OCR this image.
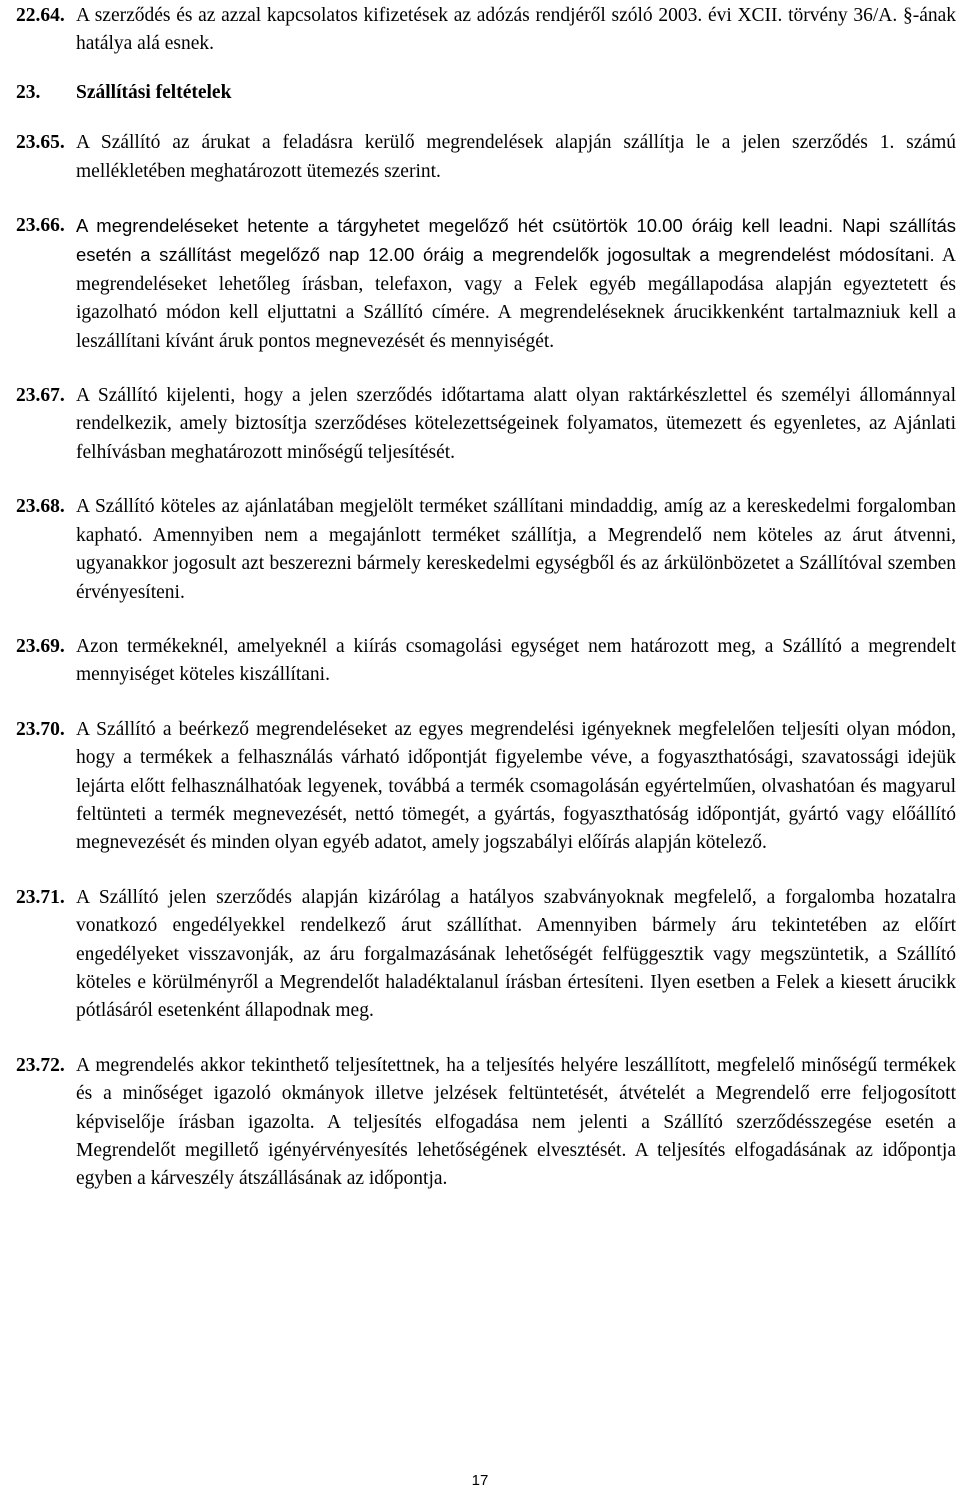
22.64. A szerződés és az azzal kapcsolatos kifizetések az adózás rendjéről szóló 2003. évi XCII. törvény 36/A. §-ának hatálya alá esnek.
23. Szállítási feltételek
23.65. A Szállító az árukat a feladásra kerülő megrendelések alapján szállítja le a jelen szerződés 1. számú mellékletében meghatározott ütemezés szerint.
23.66. A megrendeléseket hetente a tárgyhetet megelőző hét csütörtök 10.00 óráig kell leadni. Napi szállítás esetén a szállítást megelőző nap 12.00 óráig a megrendelők jogosultak a megrendelést módosítani. A megrendeléseket lehetőleg írásban, telefaxon, vagy a Felek egyéb megállapodása alapján egyeztetett és igazolható módon kell eljuttatni a Szállító címére. A megrendeléseknek árucikkenként tartalmazniuk kell a leszállítani kívánt áruk pontos megnevezését és mennyiségét.
23.67. A Szállító kijelenti, hogy a jelen szerződés időtartama alatt olyan raktárkészlettel és személyi állománnyal rendelkezik, amely biztosítja szerződéses kötelezettségeinek folyamatos, ütemezett és egyenletes, az Ajánlati felhívásban meghatározott minőségű teljesítését.
23.68. A Szállító köteles az ajánlatában megjelölt terméket szállítani mindaddig, amíg az a kereskedelmi forgalomban kapható. Amennyiben nem a megajánlott terméket szállítja, a Megrendelő nem köteles az árut átvenni, ugyanakkor jogosult azt beszerezni bármely kereskedelmi egységből és az árkülönbözetet a Szállítóval szemben érvényesíteni.
23.69. Azon termékeknél, amelyeknél a kiírás csomagolási egységet nem határozott meg, a Szállító a megrendelt mennyiséget köteles kiszállítani.
23.70. A Szállító a beérkező megrendeléseket az egyes megrendelési igényeknek megfelelően teljesíti olyan módon, hogy a termékek a felhasználás várható időpontját figyelembe véve, a fogyaszthatósági, szavatossági idejük lejárta előtt felhasználhatóak legyenek, továbbá a termék csomagolásán egyértelműen, olvashatóan és magyarul feltünteti a termék megnevezését, nettó tömegét, a gyártás, fogyaszthatóság időpontját, gyártó vagy előállító megnevezését és minden olyan egyéb adatot, amely jogszabályi előírás alapján kötelező.
23.71. A Szállító jelen szerződés alapján kizárólag a hatályos szabványoknak megfelelő, a forgalomba hozatalra vonatkozó engedélyekkel rendelkező árut szállíthat. Amennyiben bármely áru tekintetében az előírt engedélyeket visszavonják, az áru forgalmazásának lehetőségét felfüggesztik vagy megszüntetik, a Szállító köteles e körülményről a Megrendelőt haladéktalanul írásban értesíteni. Ilyen esetben a Felek a kiesett árucikk pótlásáról esetenként állapodnak meg.
23.72. A megrendelés akkor tekinthető teljesítettnek, ha a teljesítés helyére leszállított, megfelelő minőségű termékek és a minőséget igazoló okmányok illetve jelzések feltüntetését, átvételét a Megrendelő erre feljogosított képviselője írásban igazolta. A teljesítés elfogadása nem jelenti a Szállító szerződésszegése esetén a Megrendelőt megillető igényérvényesítés lehetőségének elvesztését. A teljesítés elfogadásának az időpontja egyben a kárveszély átszállásának az időpontja.
17
